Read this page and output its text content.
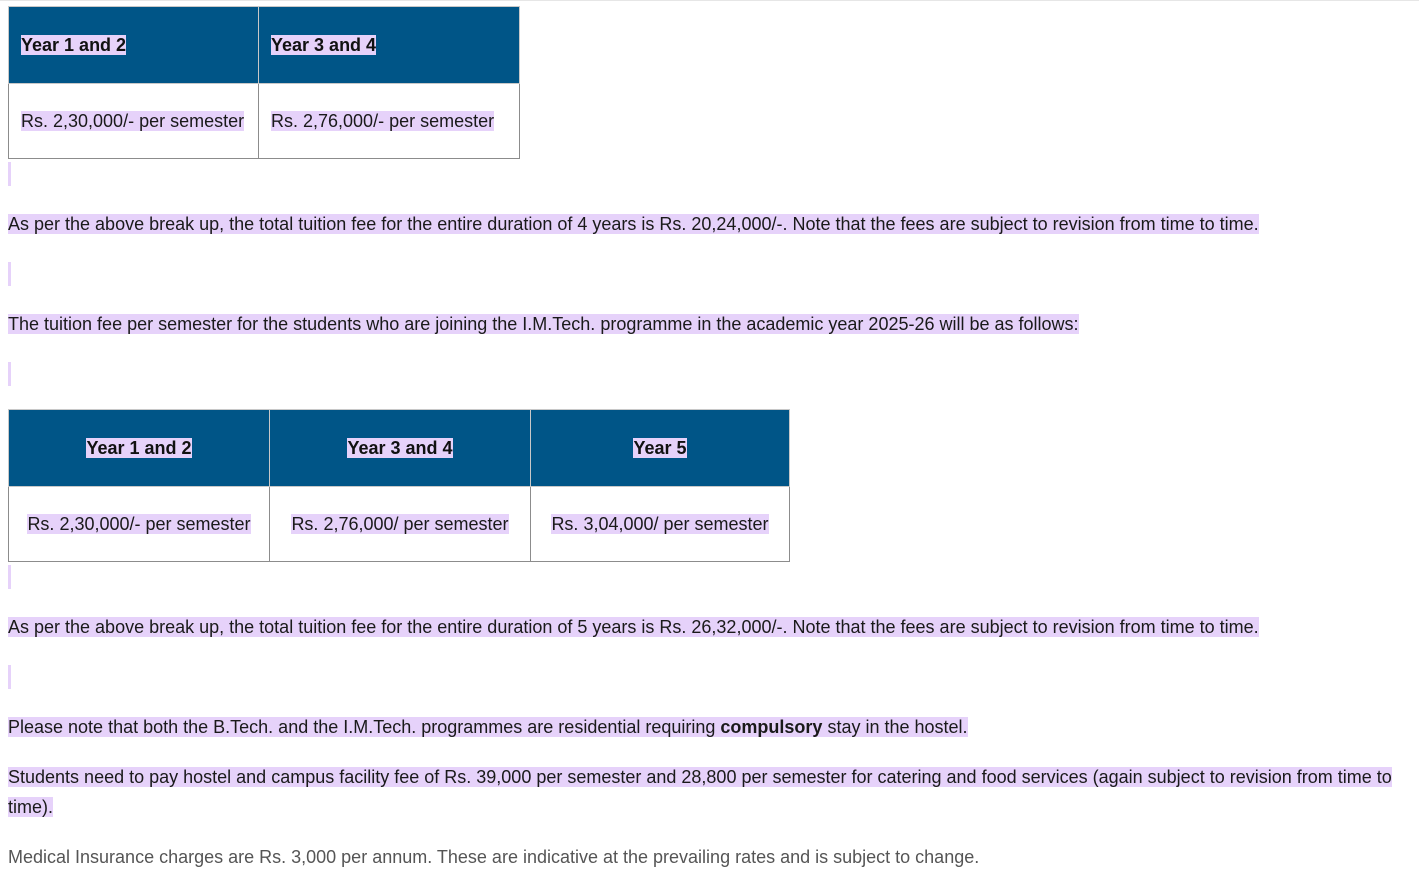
Year 1 and 2	Year 3 and 4
Rs. 2,30,000/- per semester	Rs. 2,76,000/- per semester

As per the above break up, the total tuition fee for the entire duration of 4 years is Rs. 20,24,000/-. Note that the fees are subject to revision from time to time.

The tuition fee per semester for the students who are joining the I.M.Tech. programme in the academic year 2025-26 will be as follows:

Year 1 and 2	Year 3 and 4	Year 5
Rs. 2,30,000/- per semester	Rs. 2,76,000/ per semester	Rs. 3,04,000/ per semester

As per the above break up, the total tuition fee for the entire duration of 5 years is Rs. 26,32,000/-. Note that the fees are subject to revision from time to time.

Please note that both the B.Tech. and the I.M.Tech. programmes are residential requiring compulsory stay in the hostel.

Students need to pay hostel and campus facility fee of Rs. 39,000 per semester and 28,800 per semester for catering and food services (again subject to revision from time to time).

Medical Insurance charges are Rs. 3,000 per annum. These are indicative at the prevailing rates and is subject to change.
